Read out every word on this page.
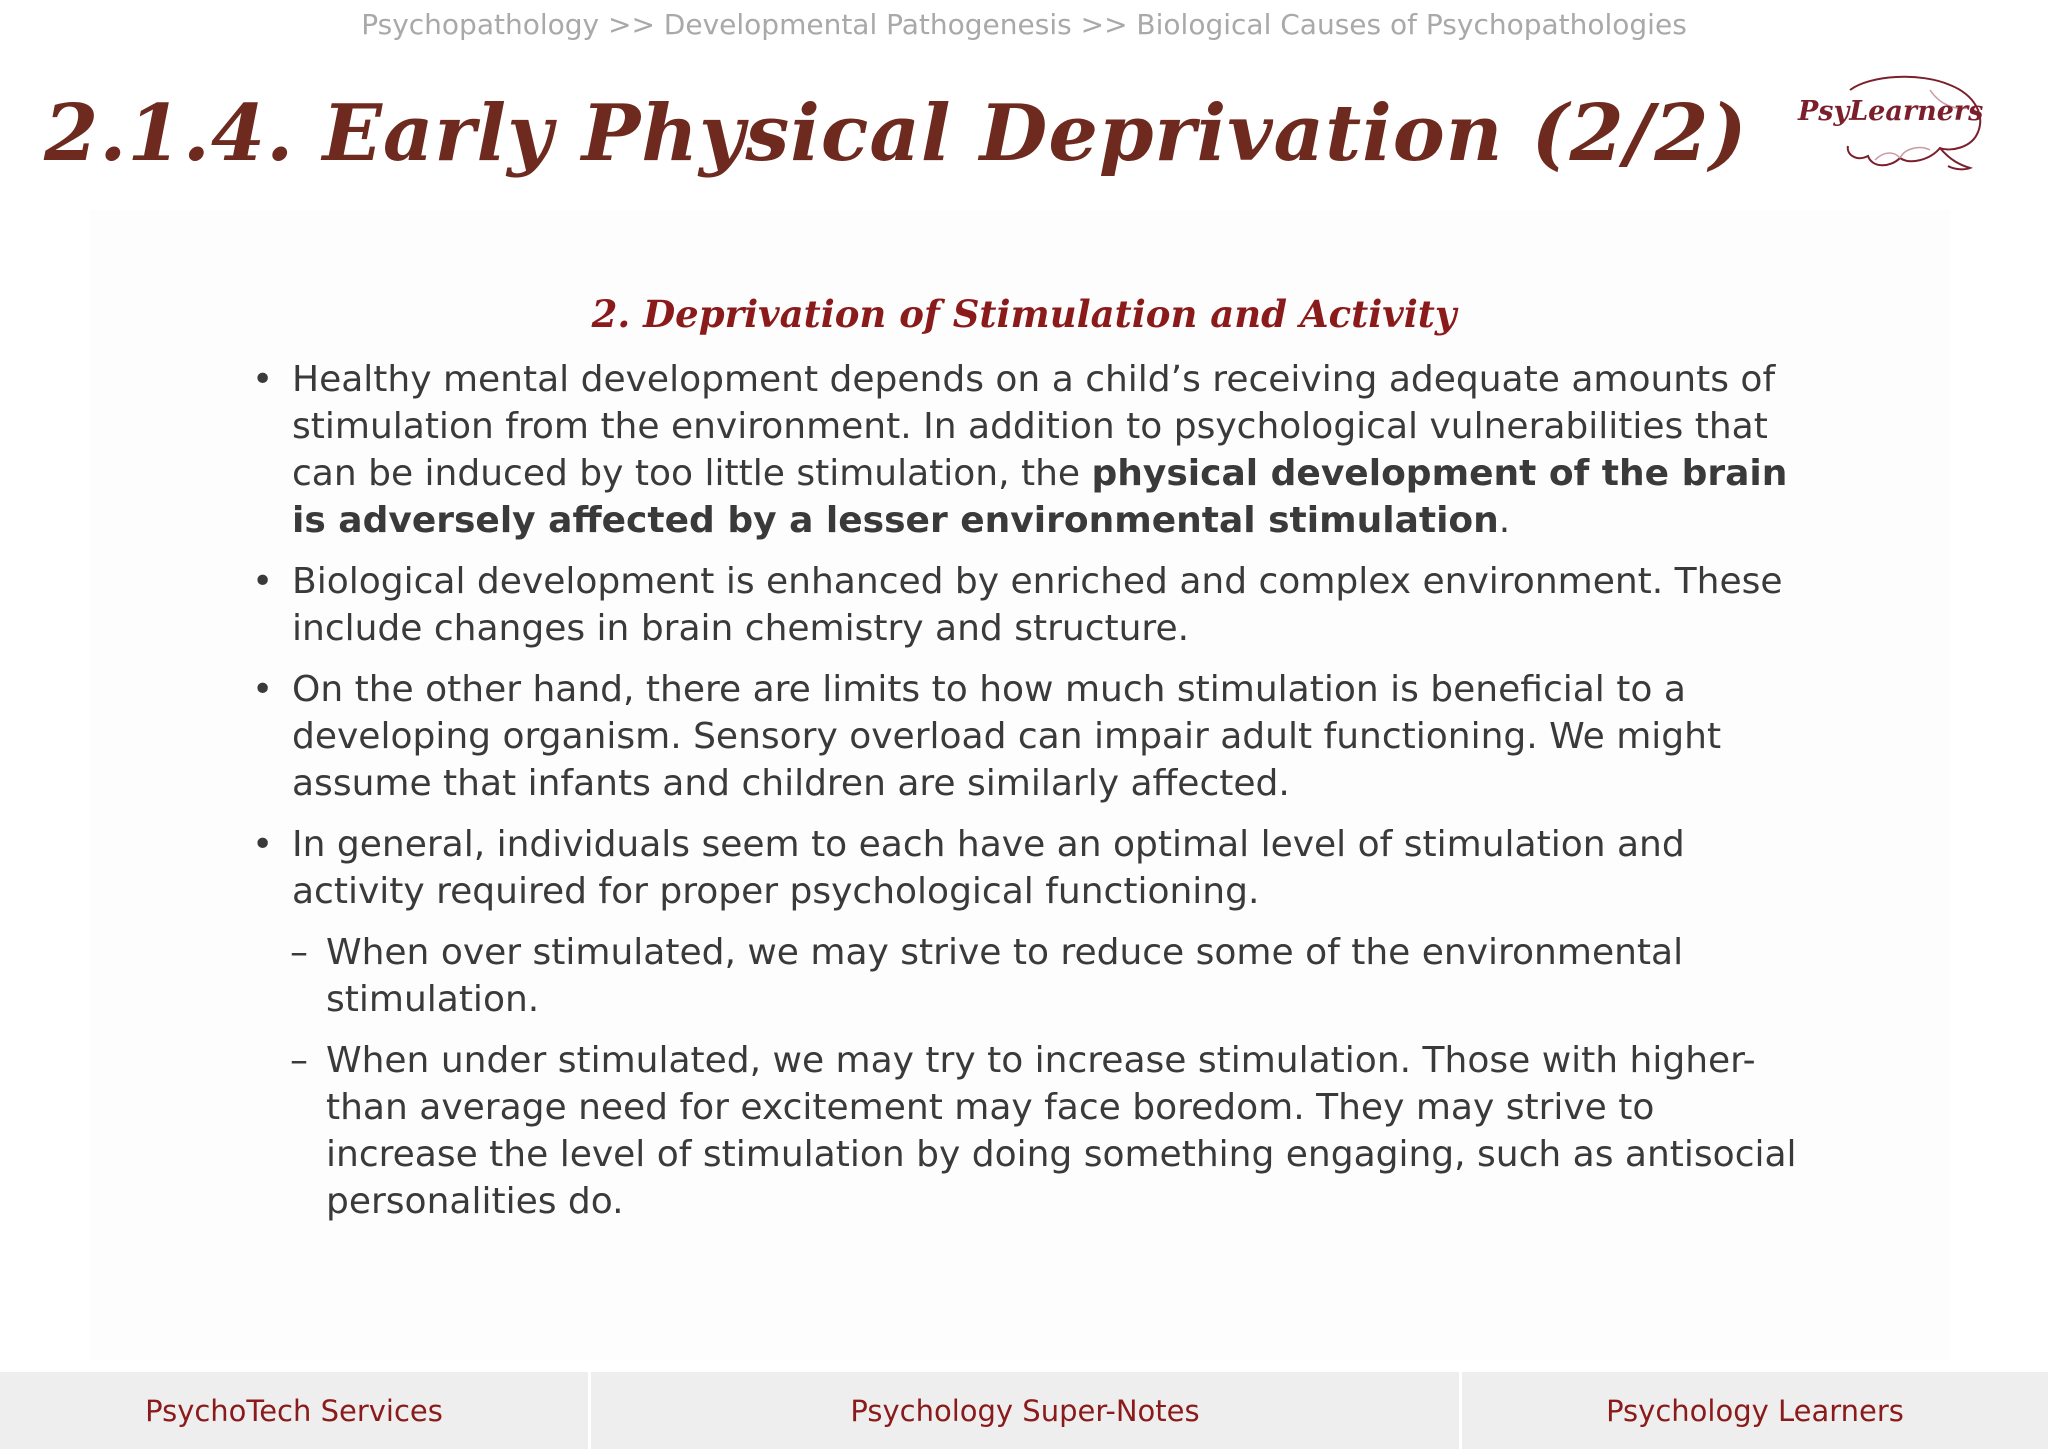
Psychopathology >> Developmental Pathogenesis >> Biological Causes of Psychopathologies
2.1.4. Early Physical Deprivation (2/2) PsyLearners
2. Deprivation of Stimulation and Activity
• Healthy mental development depends on a child’s receiving adequate amounts of stimulation from the environment. In addition to psychological vulnerabilities that can be induced by too little stimulation, the physical development of the brain is adversely affected by a lesser environmental stimulation.
• Biological development is enhanced by enriched and complex environment. These include changes in brain chemistry and structure.
• On the other hand, there are limits to how much stimulation is beneficial to a developing organism. Sensory overload can impair adult functioning. We might assume that infants and children are similarly affected.
• In general, individuals seem to each have an optimal level of stimulation and activity required for proper psychological functioning.
– When over stimulated, we may strive to reduce some of the environmental stimulation.
– When under stimulated, we may try to increase stimulation. Those with higher-than average need for excitement may face boredom. They may strive to increase the level of stimulation by doing something engaging, such as antisocial personalities do.
PsychoTech Services	Psychology Super-Notes	Psychology Learners
